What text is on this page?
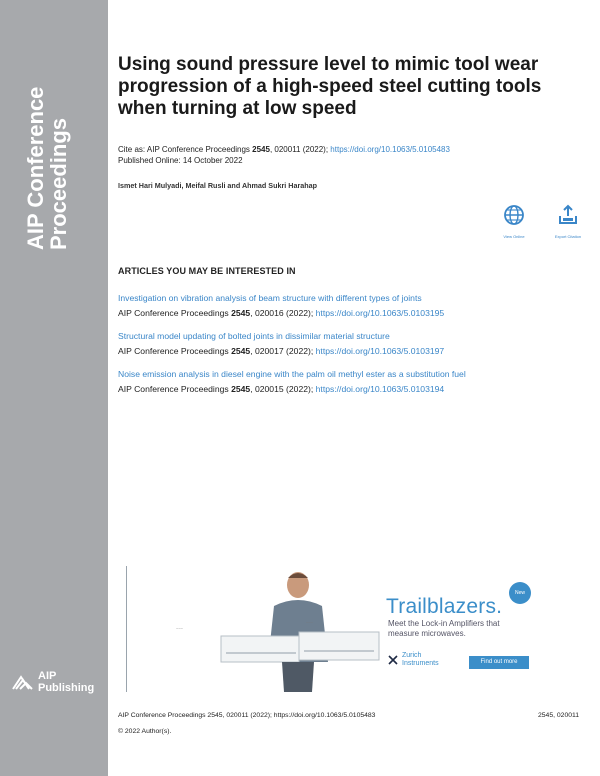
AIP Conference
Proceedings
AIP
Publishing
Using sound pressure level to mimic tool wear progression of a high-speed steel cutting tools when turning at low speed
Cite as: AIP Conference Proceedings 2545, 020011 (2022); https://doi.org/10.1063/5.0105483
Published Online: 14 October 2022
Ismet Hari Mulyadi, Meifal Rusli and Ahmad Sukri Harahap
View Online	Export Citation
ARTICLES YOU MAY BE INTERESTED IN
Investigation on vibration analysis of beam structure with different types of joints
AIP Conference Proceedings 2545, 020016 (2022); https://doi.org/10.1063/5.0103195
Structural model updating of bolted joints in dissimilar material structure
AIP Conference Proceedings 2545, 020017 (2022); https://doi.org/10.1063/5.0103197
Noise emission analysis in diesel engine with the palm oil methyl ester as a substitution fuel
AIP Conference Proceedings 2545, 020015 (2022); https://doi.org/10.1063/5.0103194
~~~
~~~
New
Trailblazers.
Meet the Lock-in Amplifiers that measure microwaves.
Zurich
Instruments	Find out more
AIP Conference Proceedings 2545, 020011 (2022); https://doi.org/10.1063/5.0105483	2545, 020011
© 2022 Author(s).
